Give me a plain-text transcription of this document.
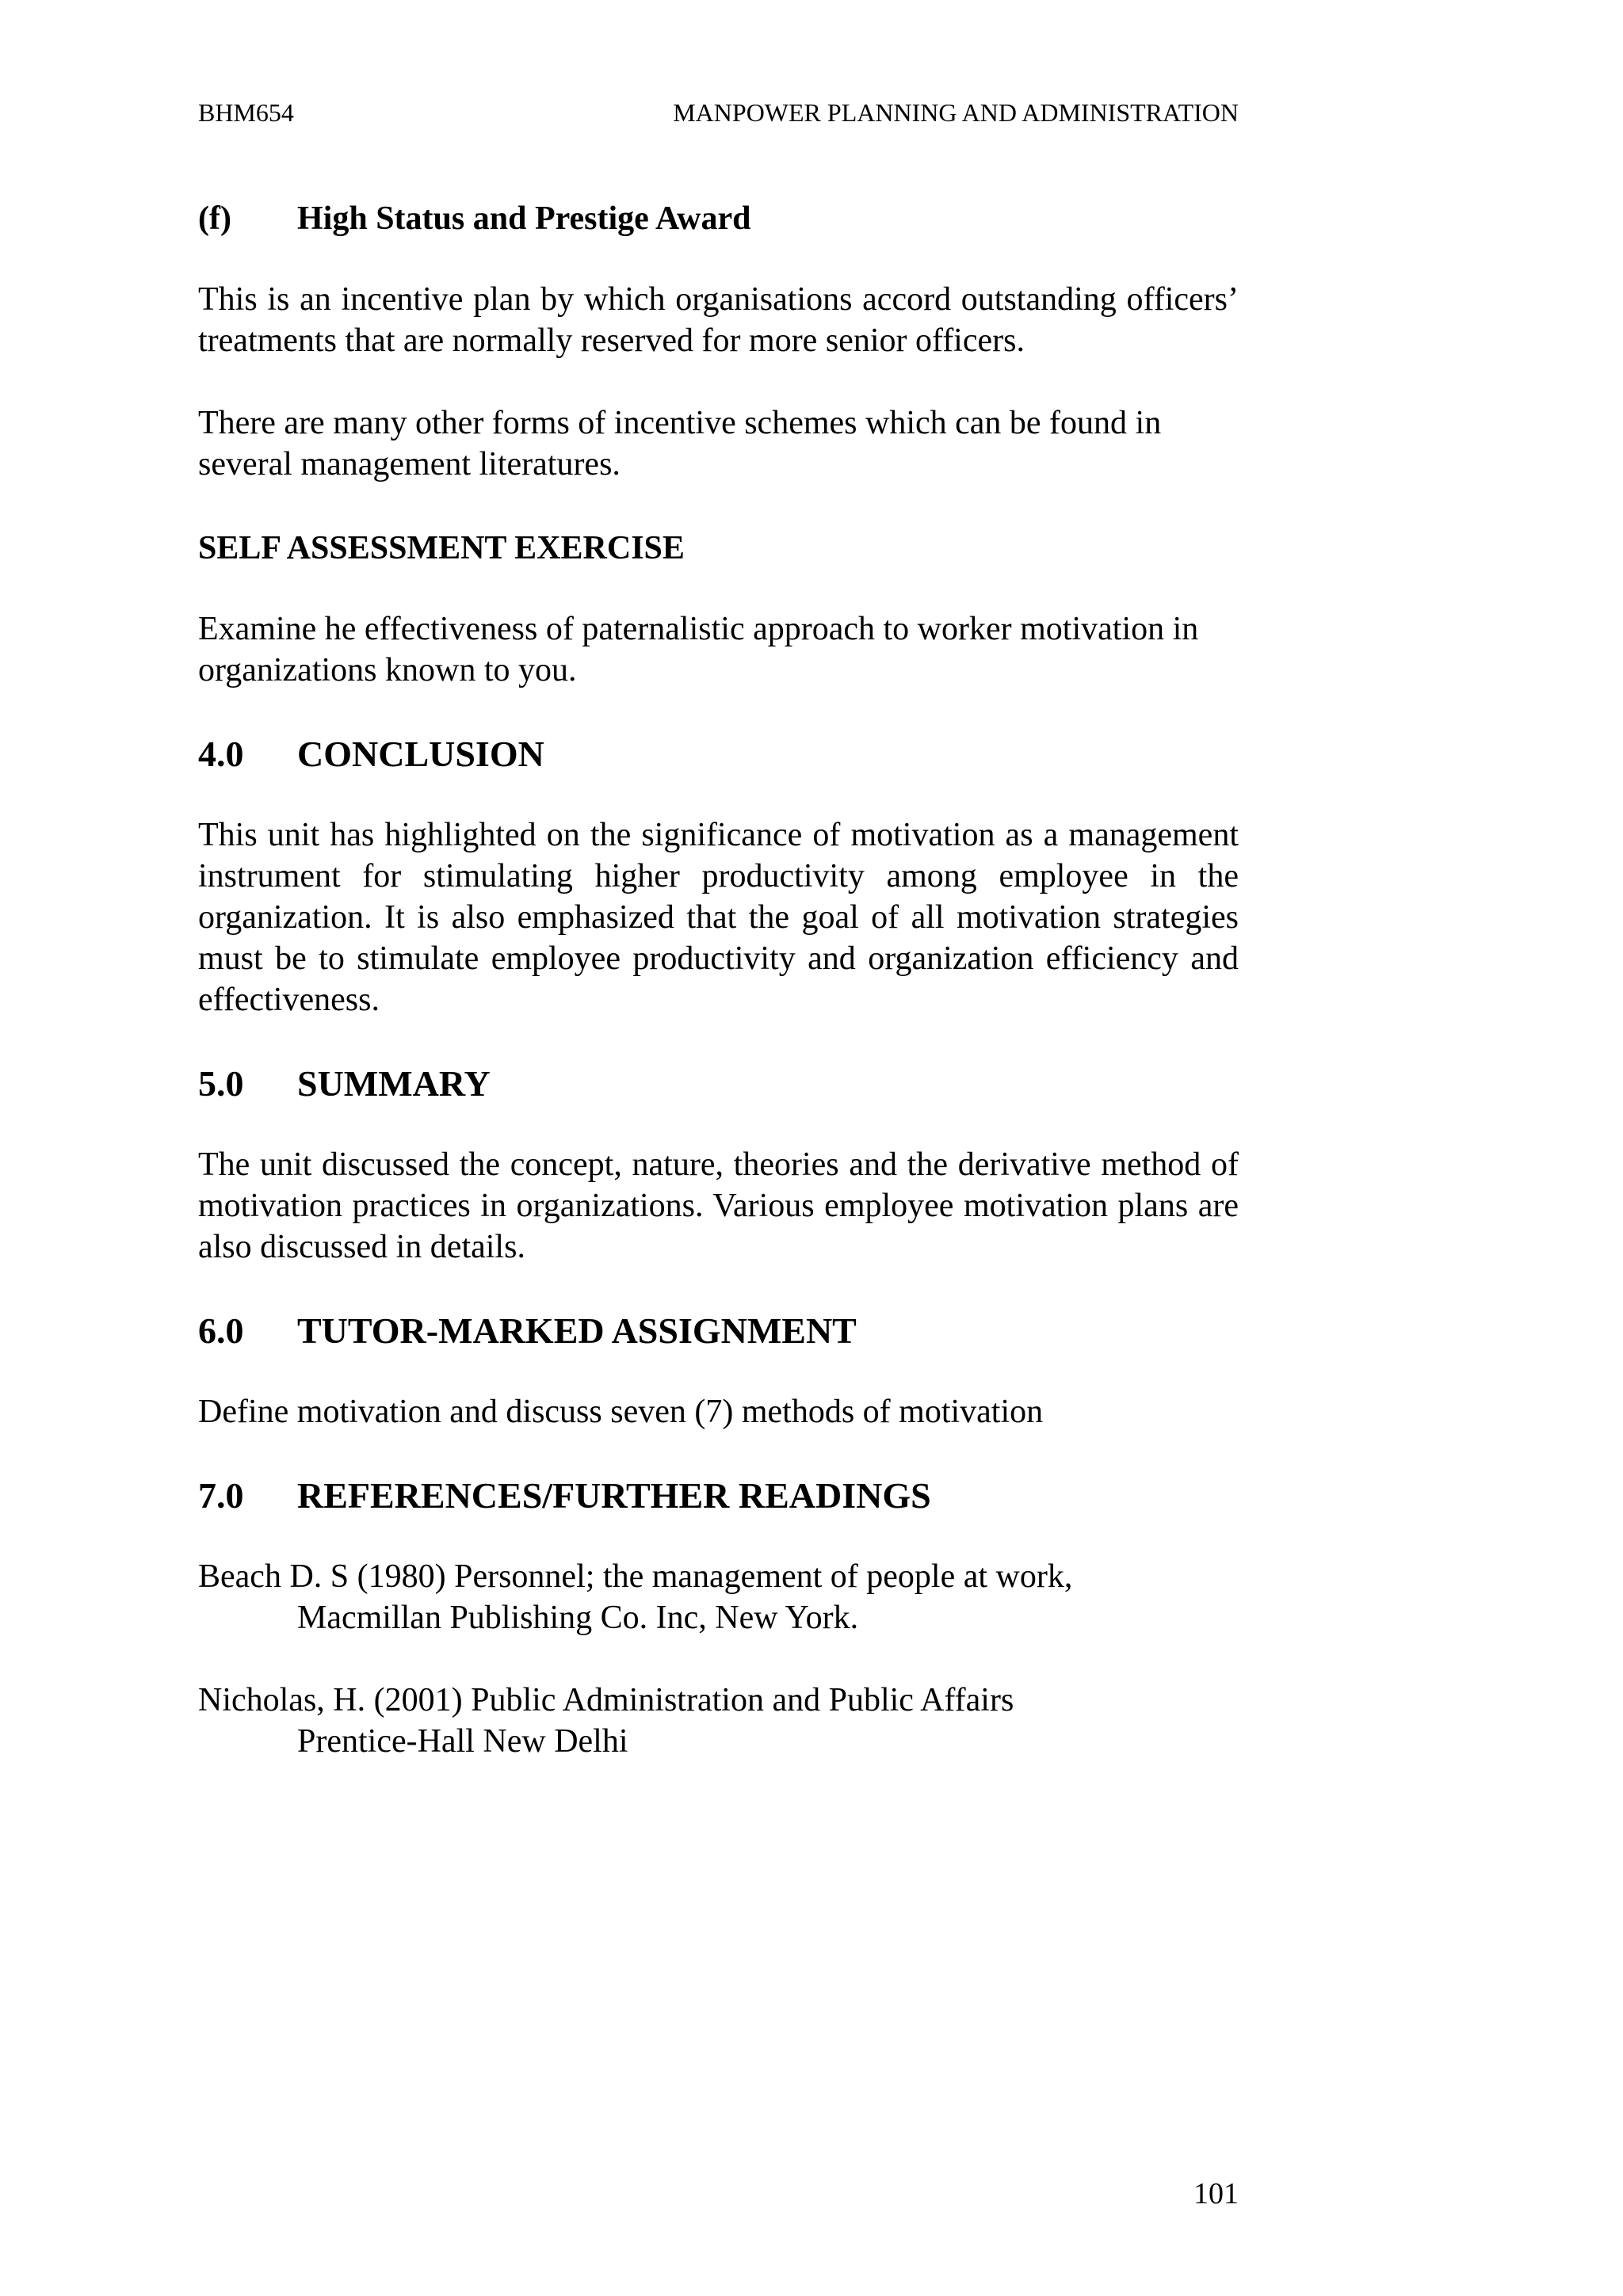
BHM654	MANPOWER PLANNING AND ADMINISTRATION
(f) High Status and Prestige Award

This is an incentive plan by which organisations accord outstanding officers’ treatments that are normally reserved for more senior officers.

There are many other forms of incentive schemes which can be found in several management literatures.

SELF ASSESSMENT EXERCISE

Examine he effectiveness of paternalistic approach to worker motivation in organizations known to you.

4.0 CONCLUSION

This unit has highlighted on the significance of motivation as a management instrument for stimulating higher productivity among employee in the organization. It is also emphasized that the goal of all motivation strategies must be to stimulate employee productivity and organization efficiency and effectiveness.

5.0 SUMMARY

The unit discussed the concept, nature, theories and the derivative method of motivation practices in organizations. Various employee motivation plans are also discussed in details.

6.0 TUTOR-MARKED ASSIGNMENT

Define motivation and discuss seven (7) methods of motivation

7.0 REFERENCES/FURTHER READINGS
Beach D. S (1980) Personnel; the management of people at work,
Macmillan Publishing Co. Inc, New York.
Nicholas, H. (2001) Public Administration and Public Affairs
Prentice-Hall New Delhi
101
